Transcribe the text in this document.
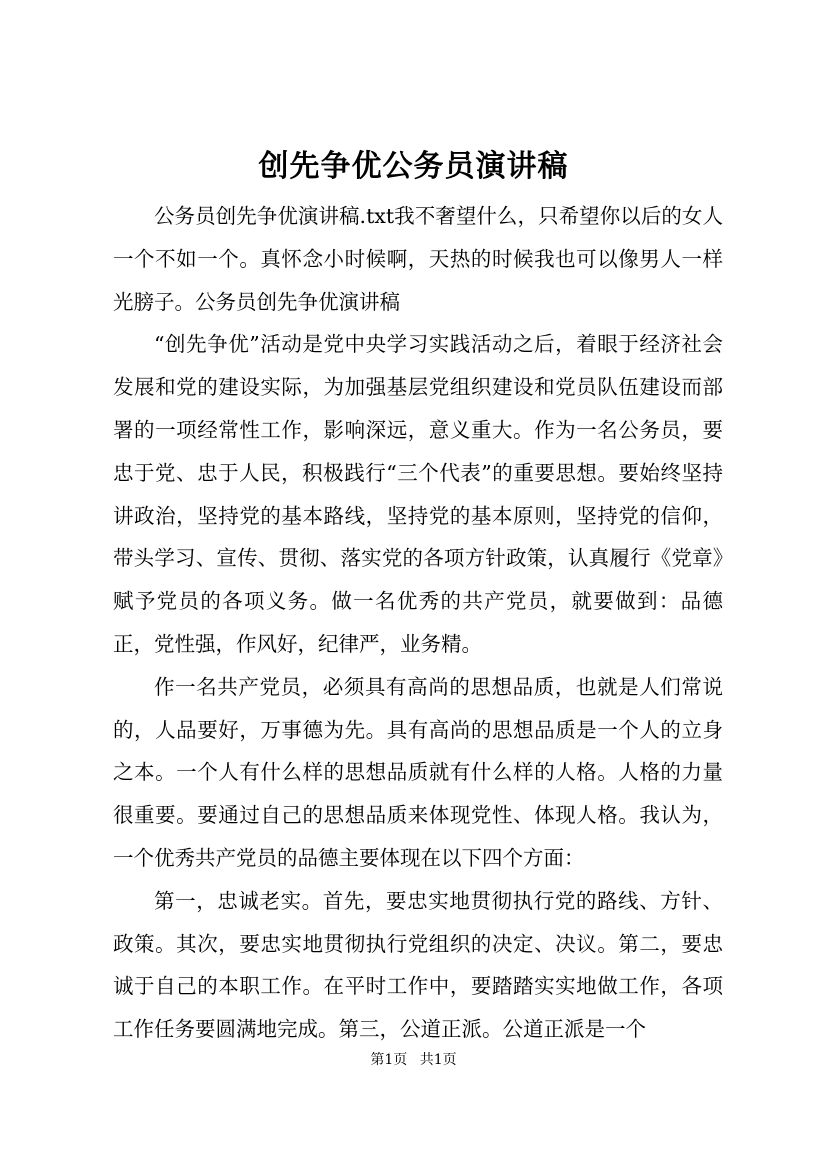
创先争优公务员演讲稿

公务员创先争优演讲稿.txt我不奢望什么，只希望你以后的女人一个不如一个。真怀念小时候啊，天热的时候我也可以像男人一样光膀子。公务员创先争优演讲稿

“创先争优”活动是党中央学习实践活动之后，着眼于经济社会发展和党的建设实际，为加强基层党组织建设和党员队伍建设而部署的一项经常性工作，影响深远，意义重大。作为一名公务员，要忠于党、忠于人民，积极践行“三个代表”的重要思想。要始终坚持讲政治，坚持党的基本路线，坚持党的基本原则，坚持党的信仰，带头学习、宣传、贯彻、落实党的各项方针政策，认真履行《党章》赋予党员的各项义务。做一名优秀的共产党员，就要做到：品德正，党性强，作风好，纪律严，业务精。

作一名共产党员，必须具有高尚的思想品质，也就是人们常说的，人品要好，万事德为先。具有高尚的思想品质是一个人的立身之本。一个人有什么样的思想品质就有什么样的人格。人格的力量很重要。要通过自己的思想品质来体现党性、体现人格。我认为，一个优秀共产党员的品德主要体现在以下四个方面：

第一，忠诚老实。首先，要忠实地贯彻执行党的路线、方针、政策。其次，要忠实地贯彻执行党组织的决定、决议。第二，要忠诚于自己的本职工作。在平时工作中，要踏踏实实地做工作，各项工作任务要圆满地完成。第三，公道正派。公道正派是一个

第1页 共1页
